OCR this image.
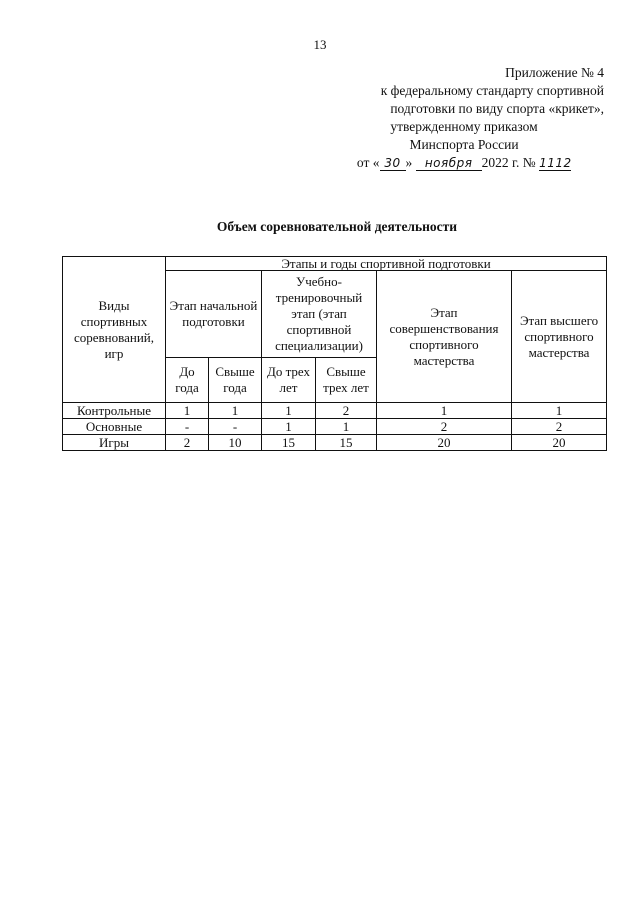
13
Приложение № 4
к федеральному стандарту спортивной
подготовки по виду спорта «крикет»,
утвержденному приказом
Минспорта России
от « 30 » ноября 2022 г. № 1112
Объем соревновательной деятельности
Виды спортивных соревнований, игр	Этапы и годы спортивной подготовки					
	Этап начальной подготовки		Учебно-тренировочный этап (этап спортивной специализации)		Этап совершенствования спортивного мастерства	Этап высшего спортивного мастерства
	До года	Свыше года	До трех лет	Свыше трех лет		
Контрольные	1	1	1	2	1	1
Основные	-	-	1	1	2	2
Игры	2	10	15	15	20	20
